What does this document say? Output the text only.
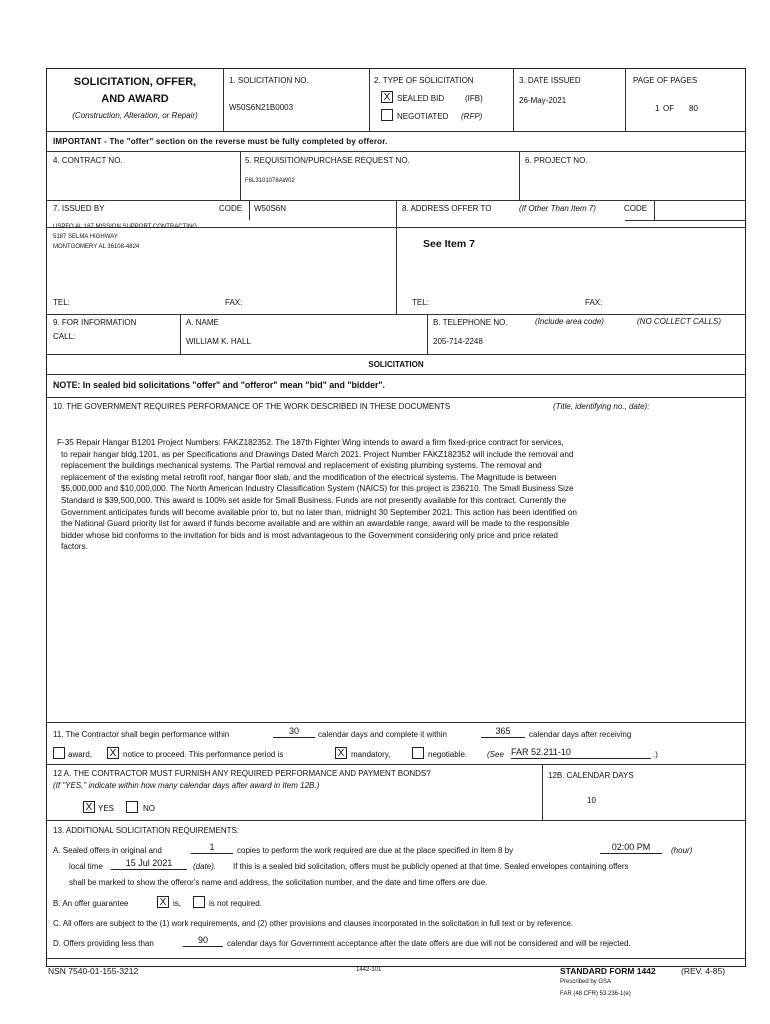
SOLICITATION, OFFER,
AND AWARD
(Construction, Alteration, or Repair)
1. SOLICITATION NO.
W50S6N21B0003
2. TYPE OF SOLICITATION
X SEALED BID	(IFB)
NEGOTIATED (RFP)
3. DATE ISSUED
26-May-2021
PAGE OF PAGES
1 OF 80
IMPORTANT - The "offer" section on the reverse must be fully completed by offeror.
4. CONTRACT NO.	5. REQUISITION/PURCHASE REQUEST NO.
F6L3101078AW02
6. PROJECT NO.
7. ISSUED BY	CODE W50S6N
USPFO AL 187 MISSION SUPPORT CONTRACTING
5187 SELMA HIGHWAY
MONTGOMERY AL 36108-4824
TEL:	FAX:
8. ADDRESS OFFER TO	(If Other Than Item 7)	CODE
See Item 7
TEL:	FAX:
9. FOR INFORMATION
CALL:
A. NAME
WILLIAM K. HALL
B. TELEPHONE NO.	(Include area code)	(NO COLLECT CALLS)
205-714-2248
SOLICITATION
NOTE: In sealed bid solicitations "offer" and "offeror" mean "bid" and "bidder".
10. THE GOVERNMENT REQUIRES PERFORMANCE OF THE WORK DESCRIBED IN THESE DOCUMENTS	(Title, identifying no., date):
F-35 Repair Hangar B1201 Project Numbers: FAKZ182352. The 187th Fighter Wing intends to award a firm fixed-price contract for services,
to repair hangar bldg.1201, as per Specifications and Drawings Dated March 2021. Project Number FAKZ182352 will include the removal and
replacement the buildings mechanical systems. The Partial removal and replacement of existing plumbing systems. The removal and
replacement of the existing metal retrofit roof, hangar floor slab, and the modification of the electrical systems. The Magnitude is between
$5,000,000 and $10,000,000. The North American Industry Classification System (NAICS) for this project is 236210. The Small Business Size
Standard is $39,500,000. This award is 100% set aside for Small Business. Funds are not presently available for this contract. Currently the
Government anticipates funds will become available prior to, but no later than, midnight 30 September 2021. This action has been identified on
the National Guard priority list for award if funds become available and are within an awardable range, award will be made to the responsible
bidder whose bid conforms to the invitation for bids and is most advantageous to the Government considering only price and price related
factors.
11. The Contractor shall begin performance within	30	calendar days and complete it within	365	calendar days after receiving
award, X notice to proceed. This performance period is	X mandatory,	negotiable. (See FAR 52.211-10	.)
12 A. THE CONTRACTOR MUST FURNISH ANY REQUIRED PERFORMANCE AND PAYMENT BONDS?
(If "YES," indicate within how many calendar days after award in Item 12B.)
X YES	NO
12B. CALENDAR DAYS
10
13. ADDITIONAL SOLICITATION REQUIREMENTS:
A. Sealed offers in original and	1	copies to perform the work required are due at the place specified in Item 8 by	02:00 PM	(hour)
local time	15 Jul 2021	(date). If this is a sealed bid solicitation, offers must be publicly opened at that time. Sealed envelopes containing offers
shall be marked to show the offeror's name and address, the solicitation number, and the date and time offers are due.
B. An offer guarantee	X is,	is not required.
C. All offers are subject to the (1) work requirements, and (2) other provisions and clauses incorporated in the solicitation in full text or by reference.
D. Offers providing less than	90	calendar days for Government acceptance after the date offers are due will not be considered and will be rejected.
NSN 7540-01-155-3212	1442-101	STANDARD FORM 1442	(REV. 4-85)
Prescribed by GSA
FAR (48 CFR) 53.236-1(e)
